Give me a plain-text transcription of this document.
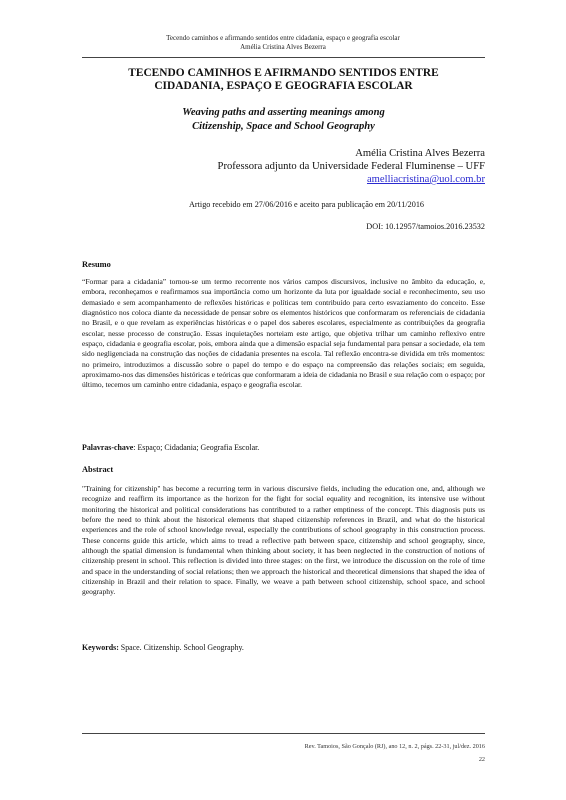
Tecendo caminhos e afirmando sentidos entre cidadania, espaço e geografia escolar
Amélia Cristina Alves Bezerra
TECENDO CAMINHOS E AFIRMANDO SENTIDOS ENTRE
CIDADANIA, ESPAÇO E GEOGRAFIA ESCOLAR
Weaving paths and asserting meanings among
Citizenship, Space and School Geography
Amélia Cristina Alves Bezerra
Professora adjunto da Universidade Federal Fluminense – UFF
amelliacristina@uol.com.br
Artigo recebido em 27/06/2016 e aceito para publicação em 20/11/2016
DOI: 10.12957/tamoios.2016.23532
Resumo
“Formar para a cidadania” tornou-se um termo recorrente nos vários campos discursivos, inclusive no âmbito da educação, e, embora, reconheçamos e reafirmamos sua importância como um horizonte da luta por igualdade social e reconhecimento, seu uso demasiado e sem acompanhamento de reflexões históricas e políticas tem contribuído para certo esvaziamento do conceito. Esse diagnóstico nos coloca diante da necessidade de pensar sobre os elementos históricos que conformaram os referenciais de cidadania no Brasil, e o que revelam as experiências históricas e o papel dos saberes escolares, especialmente as contribuições da geografia escolar, nesse processo de construção. Essas inquietações norteiam este artigo, que objetiva trilhar um caminho reflexivo entre espaço, cidadania e geografia escolar, pois, embora ainda que a dimensão espacial seja fundamental para pensar a sociedade, ela tem sido negligenciada na construção das noções de cidadania presentes na escola. Tal reflexão encontra-se dividida em três momentos: no primeiro, introduzimos a discussão sobre o papel do tempo e do espaço na compreensão das relações sociais; em seguida, aproximamo-nos das dimensões históricas e teóricas que conformaram a ideia de cidadania no Brasil e sua relação com o espaço; por último, tecemos um caminho entre cidadania, espaço e geografia escolar.
Palavras-chave: Espaço; Cidadania; Geografia Escolar.
Abstract
"Training for citizenship" has become a recurring term in various discursive fields, including the education one, and, although we recognize and reaffirm its importance as the horizon for the fight for social equality and recognition, its intensive use without monitoring the historical and political considerations has contributed to a rather emptiness of the concept. This diagnosis puts us before the need to think about the historical elements that shaped citizenship references in Brazil, and what do the historical experiences and the role of school knowledge reveal, especially the contributions of school geography in this construction process. These concerns guide this article, which aims to tread a reflective path between space, citizenship and school geography, since, although the spatial dimension is fundamental when thinking about society, it has been neglected in the construction of notions of citizenship present in school. This reflection is divided into three stages: on the first, we introduce the discussion on the role of time and space in the understanding of social relations; then we approach the historical and theoretical dimensions that shaped the idea of citizenship in Brazil and their relation to space. Finally, we weave a path between school citizenship, school space, and school geography.
Keywords: Space. Citizenship. School Geography.
Rev. Tamoios, São Gonçalo (RJ), ano 12, n. 2, págs. 22-31, jul/dez. 2016
22
